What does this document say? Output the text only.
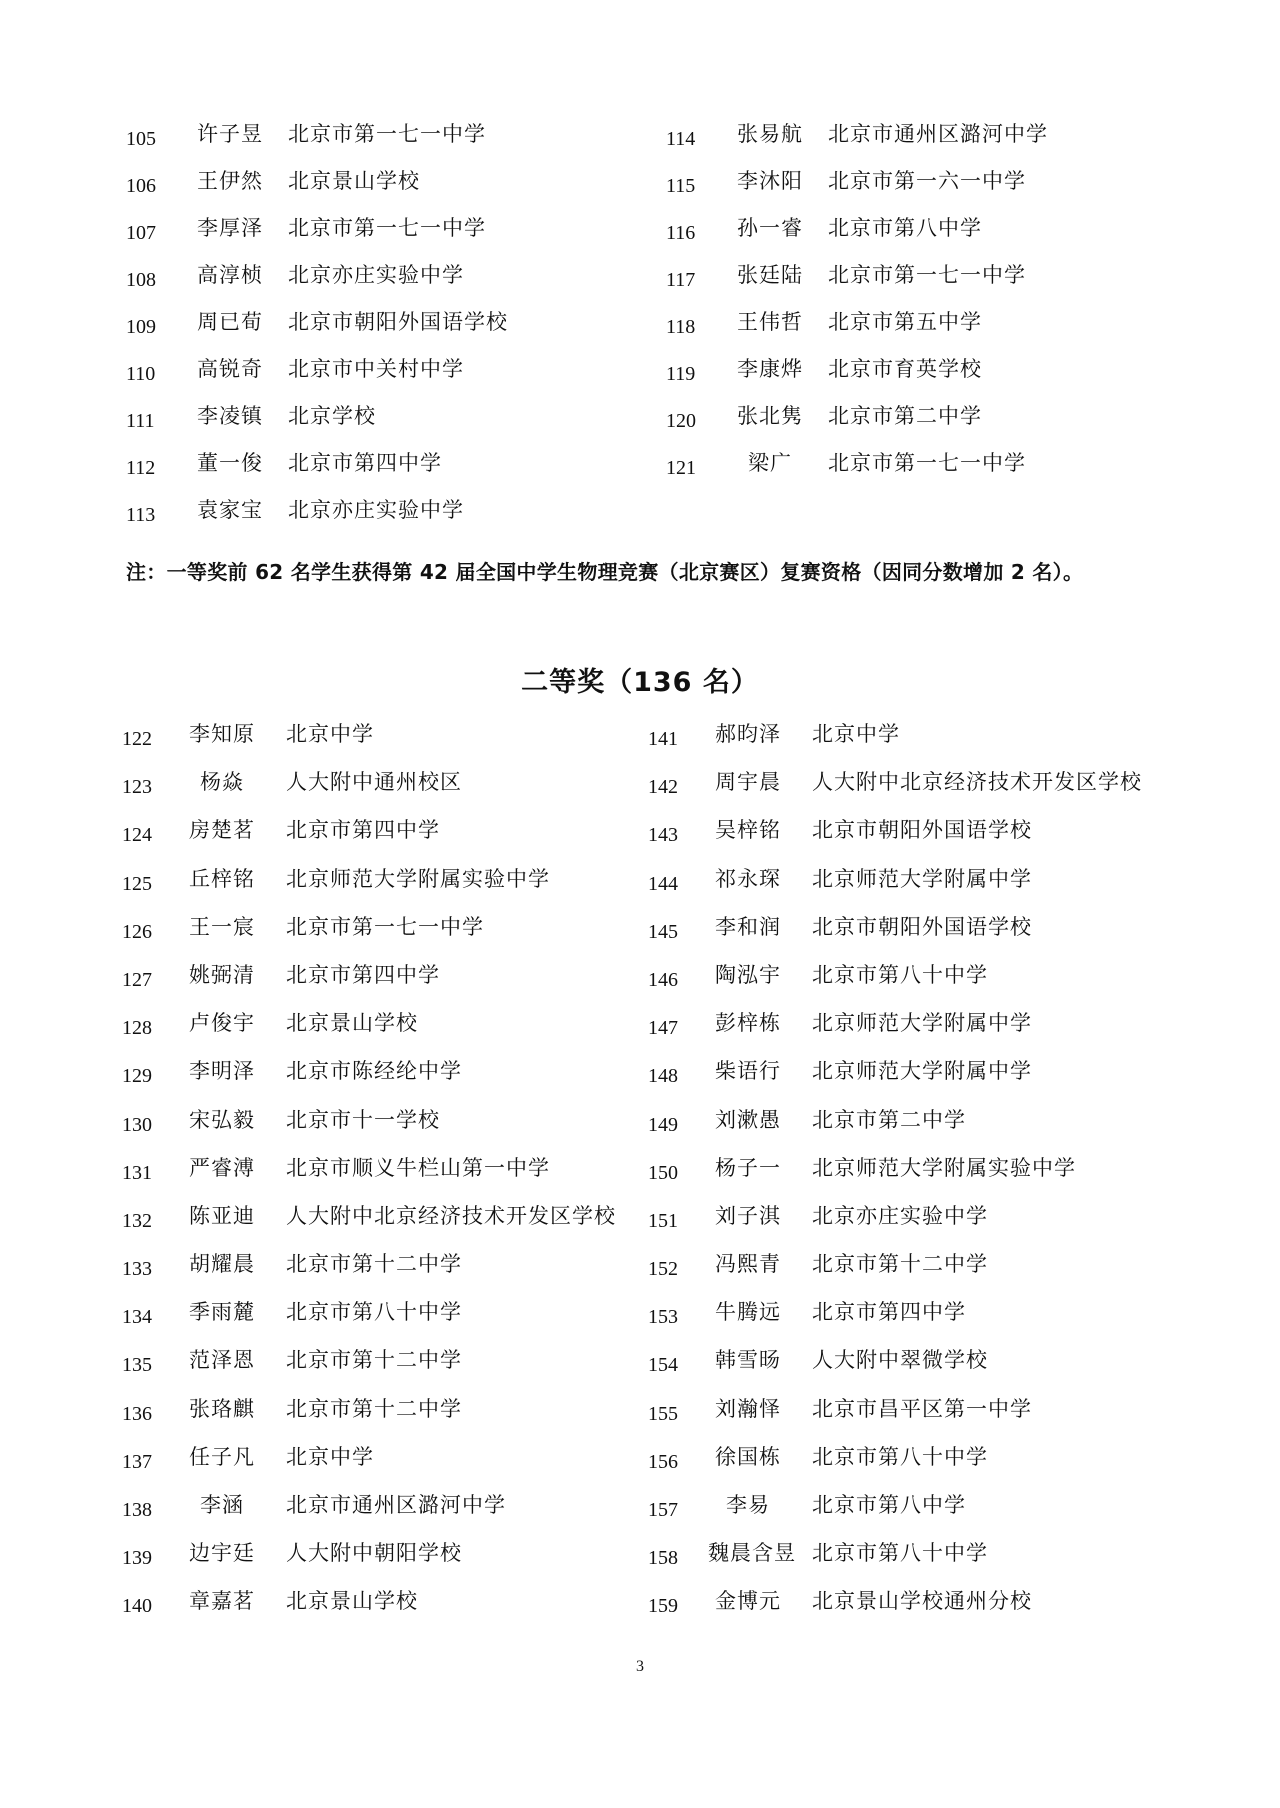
105	许子昱	北京市第一七一中学
106	王伊然	北京景山学校
107	李厚泽	北京市第一七一中学
108	高淳桢	北京亦庄实验中学
109	周已荀	北京市朝阳外国语学校
110	高锐奇	北京市中关村中学
111	李凌镇	北京学校
112	董一俊	北京市第四中学
113	袁家宝	北京亦庄实验中学
114	张易航	北京市通州区潞河中学
115	李沐阳	北京市第一六一中学
116	孙一睿	北京市第八中学
117	张廷陆	北京市第一七一中学
118	王伟哲	北京市第五中学
119	李康烨	北京市育英学校
120	张北隽	北京市第二中学
121	梁广	北京市第一七一中学
注：一等奖前 62 名学生获得第 42 届全国中学生物理竞赛（北京赛区）复赛资格（因同分数增加 2 名）。
二等奖（136 名）
122	李知原	北京中学
123	杨焱	人大附中通州校区
124	房楚茗	北京市第四中学
125	丘梓铭	北京师范大学附属实验中学
126	王一宸	北京市第一七一中学
127	姚弼清	北京市第四中学
128	卢俊宇	北京景山学校
129	李明泽	北京市陈经纶中学
130	宋弘毅	北京市十一学校
131	严睿溥	北京市顺义牛栏山第一中学
132	陈亚迪	人大附中北京经济技术开发区学校
133	胡耀晨	北京市第十二中学
134	季雨麓	北京市第八十中学
135	范泽恩	北京市第十二中学
136	张珞麒	北京市第十二中学
137	任子凡	北京中学
138	李涵	北京市通州区潞河中学
139	边宇廷	人大附中朝阳学校
140	章嘉茗	北京景山学校
141	郝昀泽	北京中学
142	周宇晨	人大附中北京经济技术开发区学校
143	吴梓铭	北京市朝阳外国语学校
144	祁永琛	北京师范大学附属中学
145	李和润	北京市朝阳外国语学校
146	陶泓宇	北京市第八十中学
147	彭梓栋	北京师范大学附属中学
148	柴语行	北京师范大学附属中学
149	刘漱愚	北京市第二中学
150	杨子一	北京师范大学附属实验中学
151	刘子淇	北京亦庄实验中学
152	冯熙青	北京市第十二中学
153	牛腾远	北京市第四中学
154	韩雪旸	人大附中翠微学校
155	刘瀚怿	北京市昌平区第一中学
156	徐国栋	北京市第八十中学
157	李易	北京市第八中学
158 魏晨含昱 北京市第八十中学
159	金博元	北京景山学校通州分校
3
